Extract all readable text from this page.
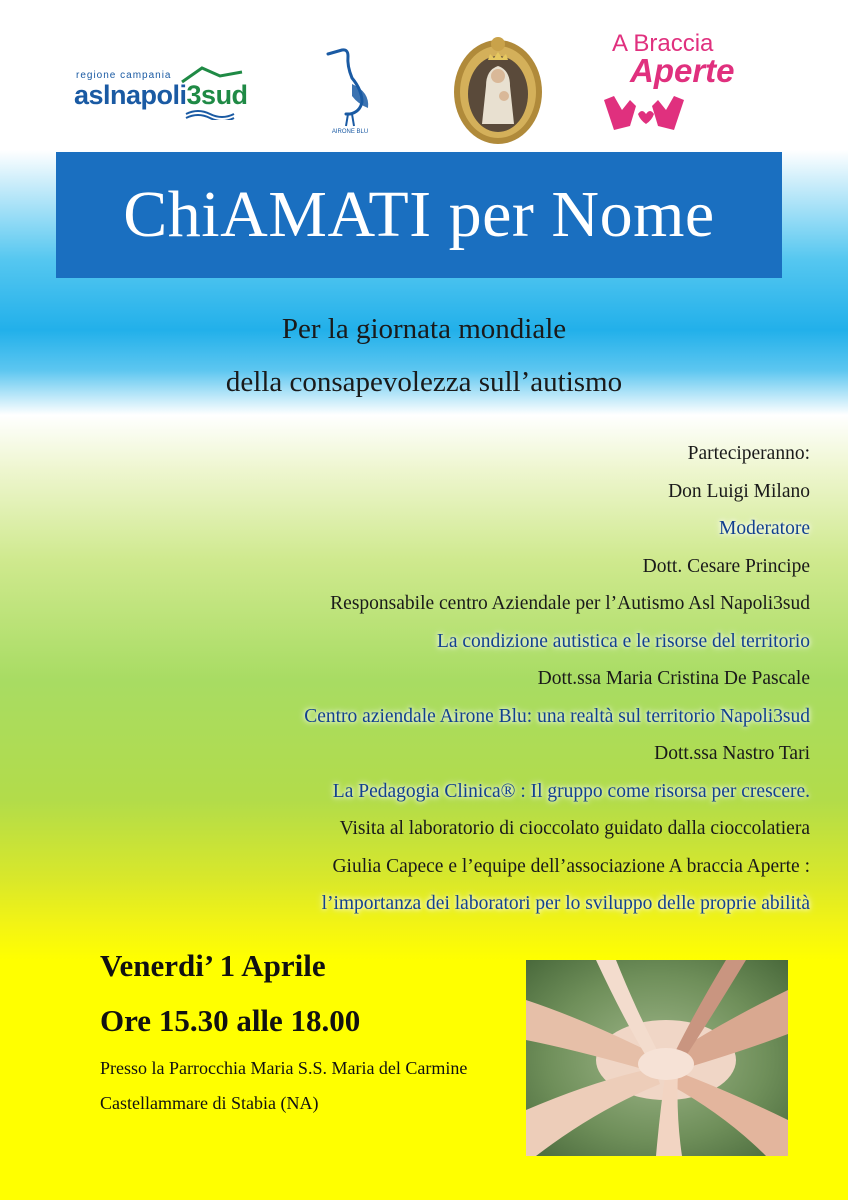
regione campania
aslnapoli3sud
AIRONE BLU
A Braccia
Aperte
ChiAMATI per Nome
Per la giornata mondiale
della consapevolezza sull’autismo
Parteciperanno:
Don Luigi Milano
Moderatore
Dott. Cesare Principe
Responsabile centro Aziendale per l’Autismo Asl Napoli3sud
La condizione autistica e le risorse del territorio
Dott.ssa Maria Cristina De Pascale
Centro aziendale Airone Blu: una realtà sul territorio Napoli3sud
Dott.ssa Nastro Tari
La Pedagogia Clinica® : Il gruppo come risorsa per crescere.
Visita al laboratorio di cioccolato guidato dalla cioccolatiera
Giulia Capece e l’equipe dell’associazione A braccia Aperte :
l’importanza dei laboratori per lo sviluppo delle proprie abilità
Venerdi’ 1 Aprile
Ore 15.30 alle 18.00
Presso la Parrocchia Maria S.S. Maria del Carmine
Castellammare di Stabia (NA)
